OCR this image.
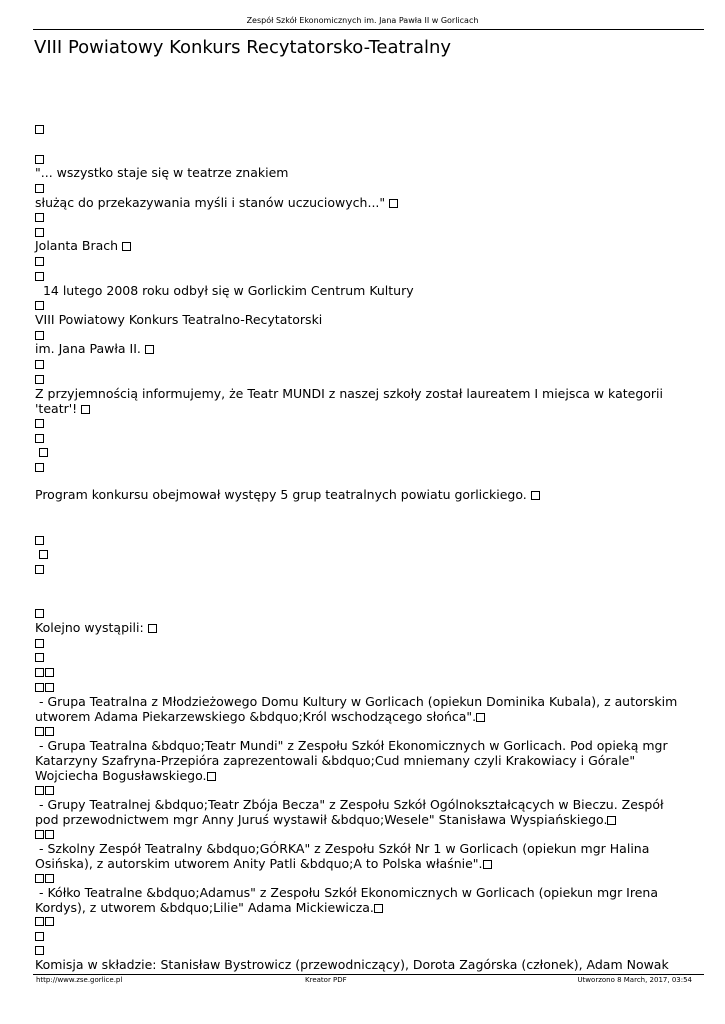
Zespół Szkół Ekonomicznych im. Jana Pawła II w Gorlicach
VIII Powiatowy Konkurs Recytatorsko-Teatralny
"... wszystko staje się w teatrze znakiem
służąc do przekazywania myśli i stanów uczuciowych..."
Jolanta Brach
14 lutego 2008 roku odbył się w Gorlickim Centrum Kultury
VIII Powiatowy Konkurs Teatralno-Recytatorski
im. Jana Pawła II.
Z przyjemnością informujemy, że Teatr MUNDI z naszej szkoły został laureatem I miejsca w kategorii 'teatr'!

Program konkursu obejmował występy 5 grup teatralnych powiatu gorlickiego.

Kolejno wystąpili:
- Grupa Teatralna z Młodzieżowego Domu Kultury w Gorlicach (opiekun Dominika Kubala), z autorskim utworem Adama Piekarzewskiego &bdquo;Król wschodzącego słońca".
- Grupa Teatralna &bdquo;Teatr Mundi" z Zespołu Szkół Ekonomicznych w Gorlicach. Pod opieką mgr Katarzyny Szafryna-Przepióra zaprezentowali &bdquo;Cud mniemany czyli Krakowiacy i Górale" Wojciecha Bogusławskiego.
- Grupy Teatralnej &bdquo;Teatr Zbója Becza" z Zespołu Szkół Ogólnokształcących w Bieczu. Zespół pod przewodnictwem mgr Anny Juruś wystawił &bdquo;Wesele" Stanisława Wyspiańskiego.
- Szkolny Zespół Teatralny &bdquo;GÓRKA" z Zespołu Szkół Nr 1 w Gorlicach (opiekun mgr Halina Osińska), z autorskim utworem Anity Patli &bdquo;A to Polska właśnie".
- Kółko Teatralne &bdquo;Adamus" z Zespołu Szkół Ekonomicznych w Gorlicach (opiekun mgr Irena Kordys), z utworem &bdquo;Lilie" Adama Mickiewicza.
Komisja w składzie: Stanisław Bystrowicz (przewodniczący), Dorota Zagórska (członek), Adam Nowak
http://www.zse.gorlice.pl	Kreator PDF	Utworzono 8 March, 2017, 03:54
